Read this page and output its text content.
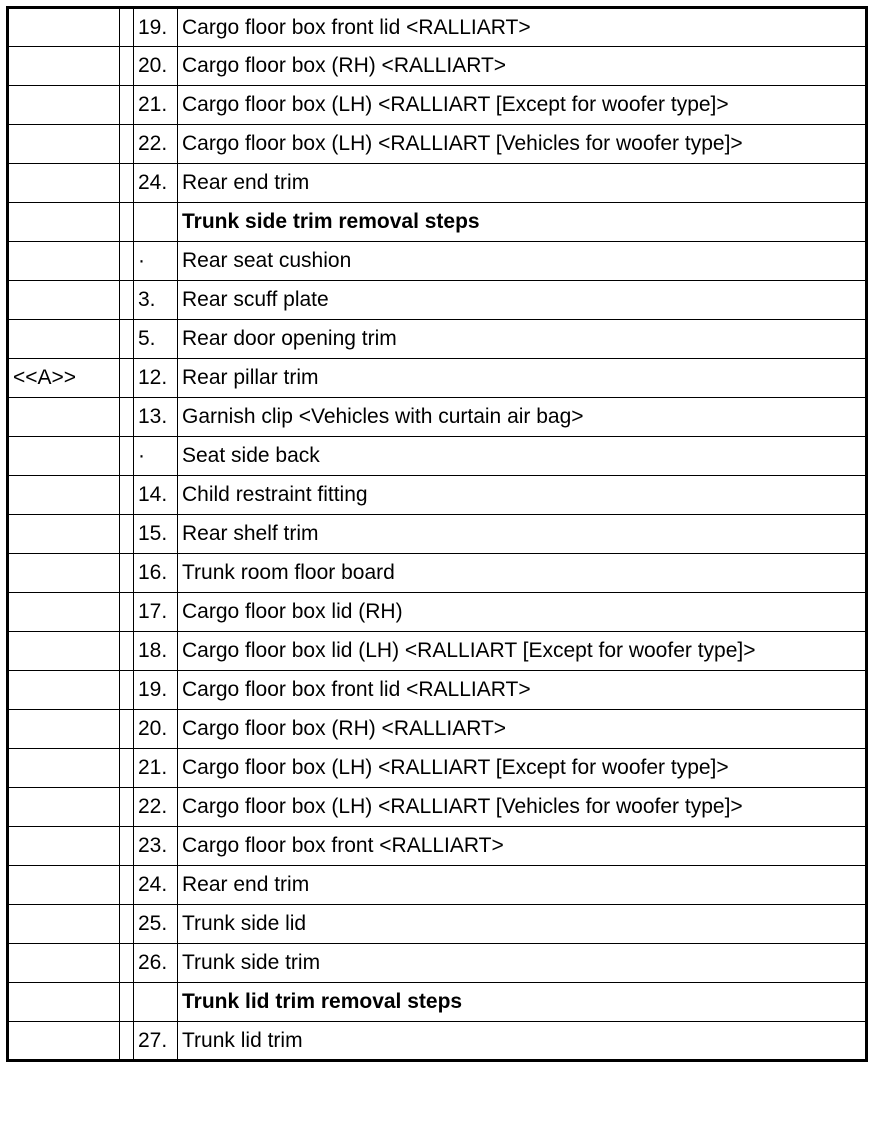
		19.	Cargo floor box front lid <RALLIART>
		20.	Cargo floor box (RH) <RALLIART>
		21.	Cargo floor box (LH) <RALLIART [Except for woofer type]>
		22.	Cargo floor box (LH) <RALLIART [Vehicles for woofer type]>
		24.	Rear end trim
			Trunk side trim removal steps
		·	Rear seat cushion
		3.	Rear scuff plate
		5.	Rear door opening trim
<<A>>		12.	Rear pillar trim
		13.	Garnish clip <Vehicles with curtain air bag>
		·	Seat side back
		14.	Child restraint fitting
		15.	Rear shelf trim
		16.	Trunk room floor board
		17.	Cargo floor box lid (RH)
		18.	Cargo floor box lid (LH) <RALLIART [Except for woofer type]>
		19.	Cargo floor box front lid <RALLIART>
		20.	Cargo floor box (RH) <RALLIART>
		21.	Cargo floor box (LH) <RALLIART [Except for woofer type]>
		22.	Cargo floor box (LH) <RALLIART [Vehicles for woofer type]>
		23.	Cargo floor box front <RALLIART>
		24.	Rear end trim
		25.	Trunk side lid
		26.	Trunk side trim
			Trunk lid trim removal steps
		27.	Trunk lid trim
